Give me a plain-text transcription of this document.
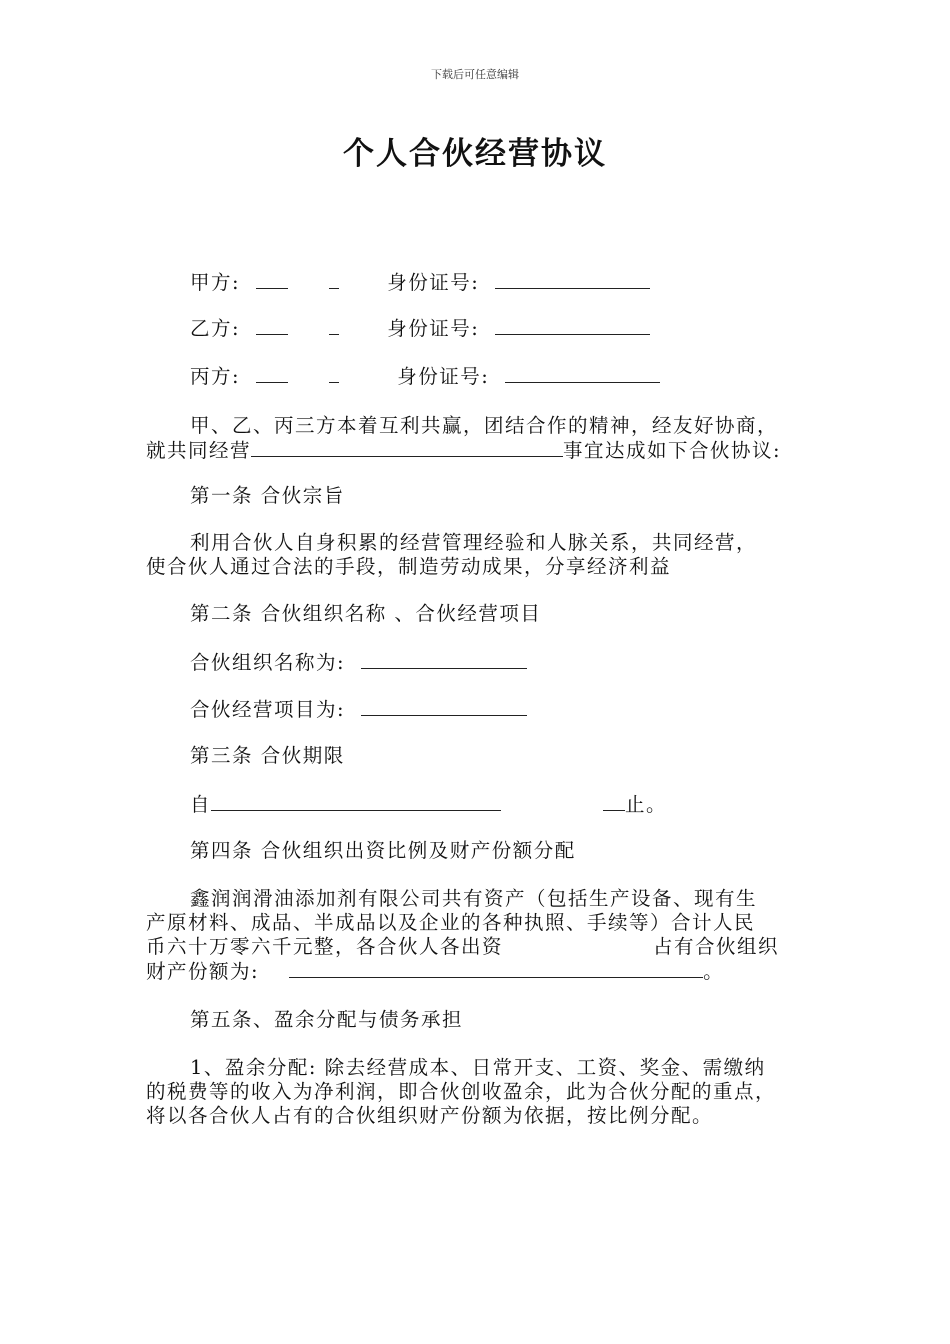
下载后可任意编辑
个人合伙经营协议
甲方:	身份证号:
乙方:	身份证号:
丙方:	身份证号:
甲、乙、丙三方本着互利共赢，团结合作的精神，经友好协商，
就共同经营	事宜达成如下合伙协议:
第一条 合伙宗旨
利用合伙人自身积累的经营管理经验和人脉关系，共同经营，
使合伙人通过合法的手段，制造劳动成果，分享经济利益
第二条 合伙组织名称 、合伙经营项目
合伙组织名称为:
合伙经营项目为:
第三条 合伙期限
自	止。
第四条 合伙组织出资比例及财产份额分配
鑫润润滑油添加剂有限公司共有资产（包括生产设备、现有生
产原材料、成品、半成品以及企业的各种执照、手续等）合计人民
币六十万零六千元整，各合伙人各出资	占有合伙组织
财产份额为:	。
第五条、盈余分配与债务承担
1、盈余分配: 除去经营成本、日常开支、工资、奖金、需缴纳
的税费等的收入为净利润，即合伙创收盈余，此为合伙分配的重点，
将以各合伙人占有的合伙组织财产份额为依据，按比例分配。
